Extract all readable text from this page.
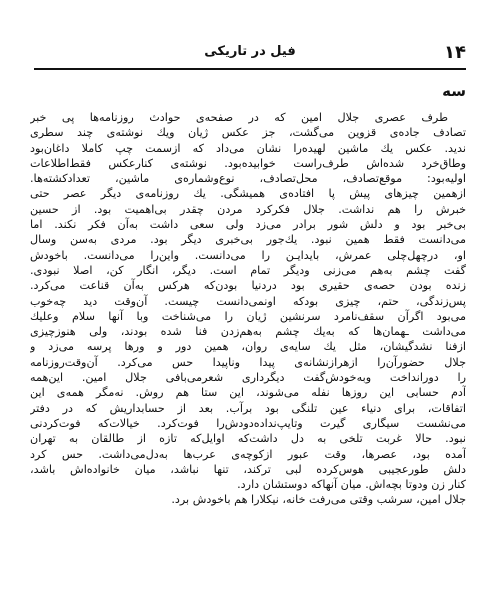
۱۴
فیل در تاریکی
سه
طرف عصری جلال امین که در صفحه‌ی حوادث روزنامه‌ها پی خبر
تصادف جاده‌ی قزوین می‌گشت، جز عکس ژیان ویك نوشته‌ی چند سطری
ندید. عکس یك ماشین لهیده‌را نشان می‌داد که ازسمت چپ کاملا داغان‌بود
وطاق‌خرد شده‌اش طرف‌راست خوابیده‌بود. نوشته‌ی کنارعکس فقط‌اطلاعات
اولیه‌بود: موقع‌تصادف، محل‌تصادف، نوع‌وشماره‌ی ماشین، تعدادکشته‌ها.
ازهمین چیزهای پیش پا افتاده‌ی همیشگی. یك روزنامه‌ی دیگر عصر حتی
خبرش را هم نداشت. جلال فکرکرد مردن چقدر بی‌اهمیت بود. از حسین
بی‌خبر بود و دلش شور برادر می‌زد ولی سعی داشت به‌آن فکر نکند. اما
می‌دانست فقط همین نبود. یك‌جور بی‌خبری دیگر بود. مردی به‌سن وسال
او، درچهل‌چلی عمرش، بایدایـن را می‌دانست. واین‌را می‌دانست. باخودش
گفت چشم به‌هم می‌زنی ودیگر تمام است. دیگر، انگار کن، اصلا نبودی.
زنده بودن حصه‌ی حقیری بود دردنیا بودن‌که هرکس به‌آن قناعت می‌کرد.
پس‌زندگی، حتم، چیزی بودکه اونمی‌دانست چیست. آن‌وقت دید چه‌خوب
می‌بود اگرآن سقف‌نامرد سرنشین ژیان را می‌شناخت وبا آنها سلام وعلیك
می‌داشت ـهمان‌ها که به‌یك چشم به‌هم‌زدن فنا شده بودند، ولی هنوزچیزی
ازفنا نشدگیشان، مثل یك سایه‌ی روان، همین دور و ورها پرسه می‌زد و
جلال حضورآن‌را ازهرازنشانه‌ی پیدا وناپیدا حس می‌کرد. آن‌وقت‌روزنامه
را دورانداخت وبه‌خودش‌گفت دیگرداری شعرمی‌بافی جلال امین. این‌همه
آدم حسابی این روزها نفله می‌شوند، این ستا هم روش. نه‌مگر همه‌ی این
اتفاقات، برای دنیاء عین تلنگی بود بر‌آب. بعد از حسابداریش که در دفتر
می‌نشست سیگاری گیرت وتایپ‌نداده‌دودش‌را فوت‌کرد. خیالات‌که فوت‌کردنی
نبود. حالا غربت تلخی به دل داشت‌که اوایل‌که تازه از طالقان به تهران
آمده بود، عصرها، وقت عبور ازکوچه‌ی عرب‌ها به‌دل‌می‌داشت. حس کرد
دلش طورعجیبی هوس‌کرده لبی ترکند، تنها نباشد، میان خانواده‌اش باشد،
کنار زن ودوتا بچه‌اش. میان آنهاکه دوستشان دارد.
جلال امین، سرشب وقتی می‌رفت خانه، نیکلارا هم باخودش برد.
